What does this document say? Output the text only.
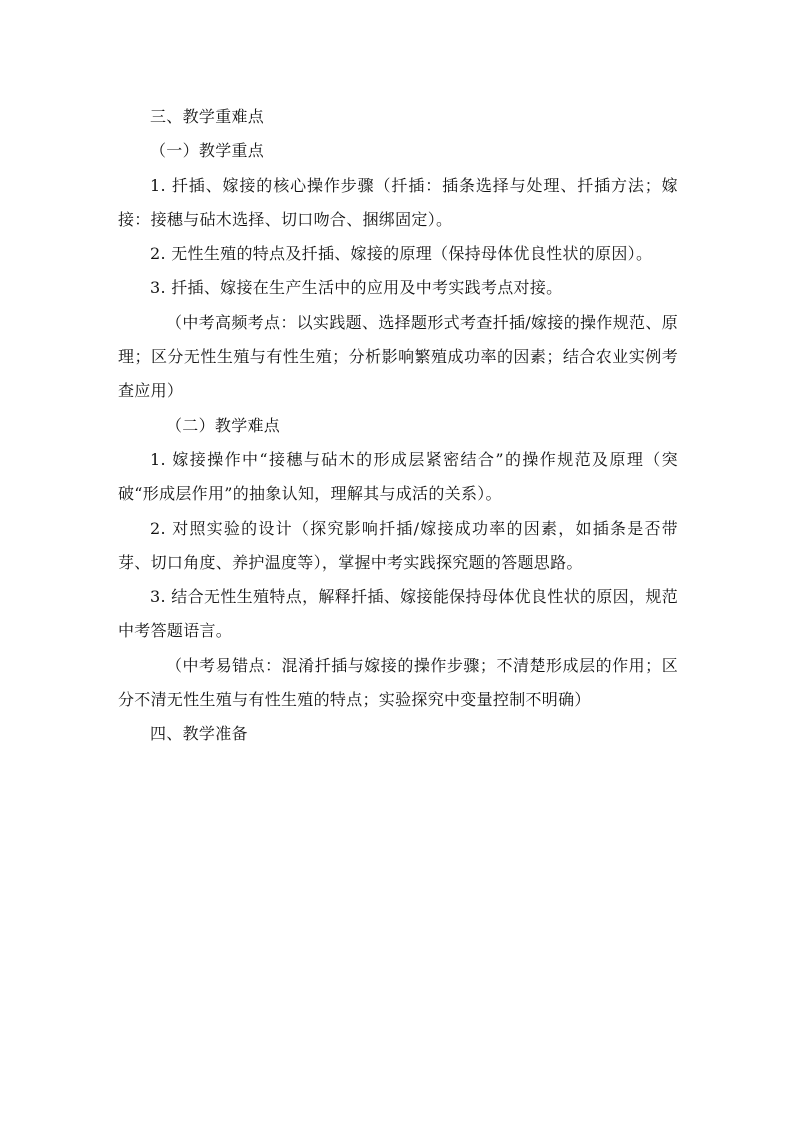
三、教学重难点

（一）教学重点

1. 扦插、嫁接的核心操作步骤（扦插：插条选择与处理、扦插方法；嫁接：接穗与砧木选择、切口吻合、捆绑固定）。

2. 无性生殖的特点及扦插、嫁接的原理（保持母体优良性状的原因）。

3. 扦插、嫁接在生产生活中的应用及中考实践考点对接。

（中考高频考点：以实践题、选择题形式考查扦插/嫁接的操作规范、原理；区分无性生殖与有性生殖；分析影响繁殖成功率的因素；结合农业实例考查应用）

（二）教学难点

1. 嫁接操作中“接穗与砧木的形成层紧密结合”的操作规范及原理（突破“形成层作用”的抽象认知，理解其与成活的关系）。

2. 对照实验的设计（探究影响扦插/嫁接成功率的因素，如插条是否带芽、切口角度、养护温度等），掌握中考实践探究题的答题思路。

3. 结合无性生殖特点，解释扦插、嫁接能保持母体优良性状的原因，规范中考答题语言。

（中考易错点：混淆扦插与嫁接的操作步骤；不清楚形成层的作用；区分不清无性生殖与有性生殖的特点；实验探究中变量控制不明确）

四、教学准备
